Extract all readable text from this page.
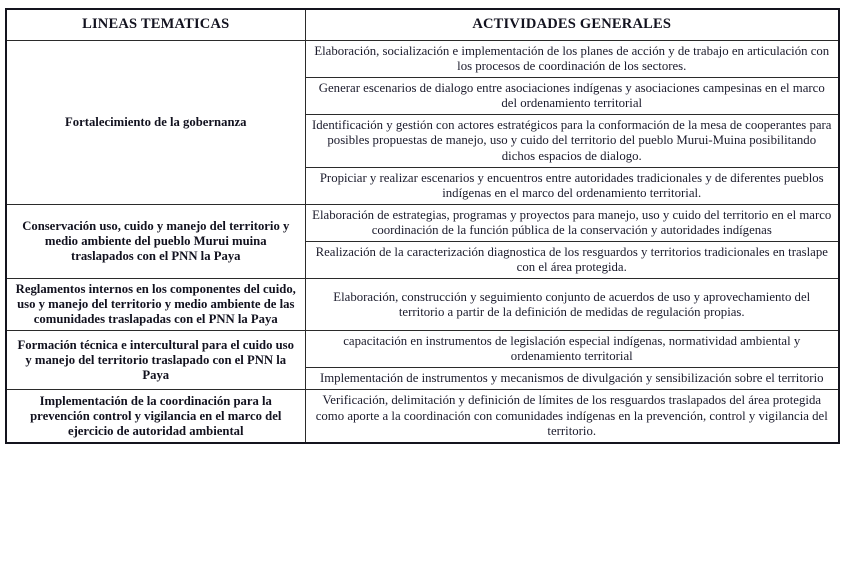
LINEAS TEMATICAS	ACTIVIDADES GENERALES
Fortalecimiento de la gobernanza	Elaboración, socialización e implementación de los planes de acción y de trabajo en articulación con los procesos de coordinación de los sectores.
	Generar escenarios de dialogo entre asociaciones indígenas y asociaciones campesinas en el marco del ordenamiento territorial
	Identificación y gestión con actores estratégicos para la conformación de la mesa de cooperantes para posibles propuestas de manejo, uso y cuido del territorio del pueblo Murui-Muina posibilitando dichos espacios de dialogo.
	Propiciar y realizar escenarios y encuentros entre autoridades tradicionales y de diferentes pueblos indígenas en el marco del ordenamiento territorial.
Conservación uso, cuido y manejo del territorio y medio ambiente del pueblo Murui muina traslapados con el PNN la Paya	Elaboración de estrategias, programas y proyectos para manejo, uso y cuido del territorio en el marco coordinación de la función pública de la conservación y autoridades indígenas
	Realización de la caracterización diagnostica de los resguardos y territorios tradicionales en traslape con el área protegida.
Reglamentos internos en los componentes del cuido, uso y manejo del territorio y medio ambiente de las comunidades traslapadas con el PNN la Paya	Elaboración, construcción y seguimiento conjunto de acuerdos de uso y aprovechamiento del territorio a partir de la definición de medidas de regulación propias.
Formación técnica e intercultural para el cuido uso y manejo del territorio traslapado con el PNN la Paya	capacitación en instrumentos de legislación especial indígenas, normatividad ambiental y ordenamiento territorial
	Implementación de instrumentos y mecanismos de divulgación y sensibilización sobre el territorio
Implementación de la coordinación para la prevención control y vigilancia en el marco del ejercicio de autoridad ambiental	Verificación, delimitación y definición de límites de los resguardos traslapados del área protegida como aporte a la coordinación con comunidades indígenas en la prevención, control y vigilancia del territorio.
